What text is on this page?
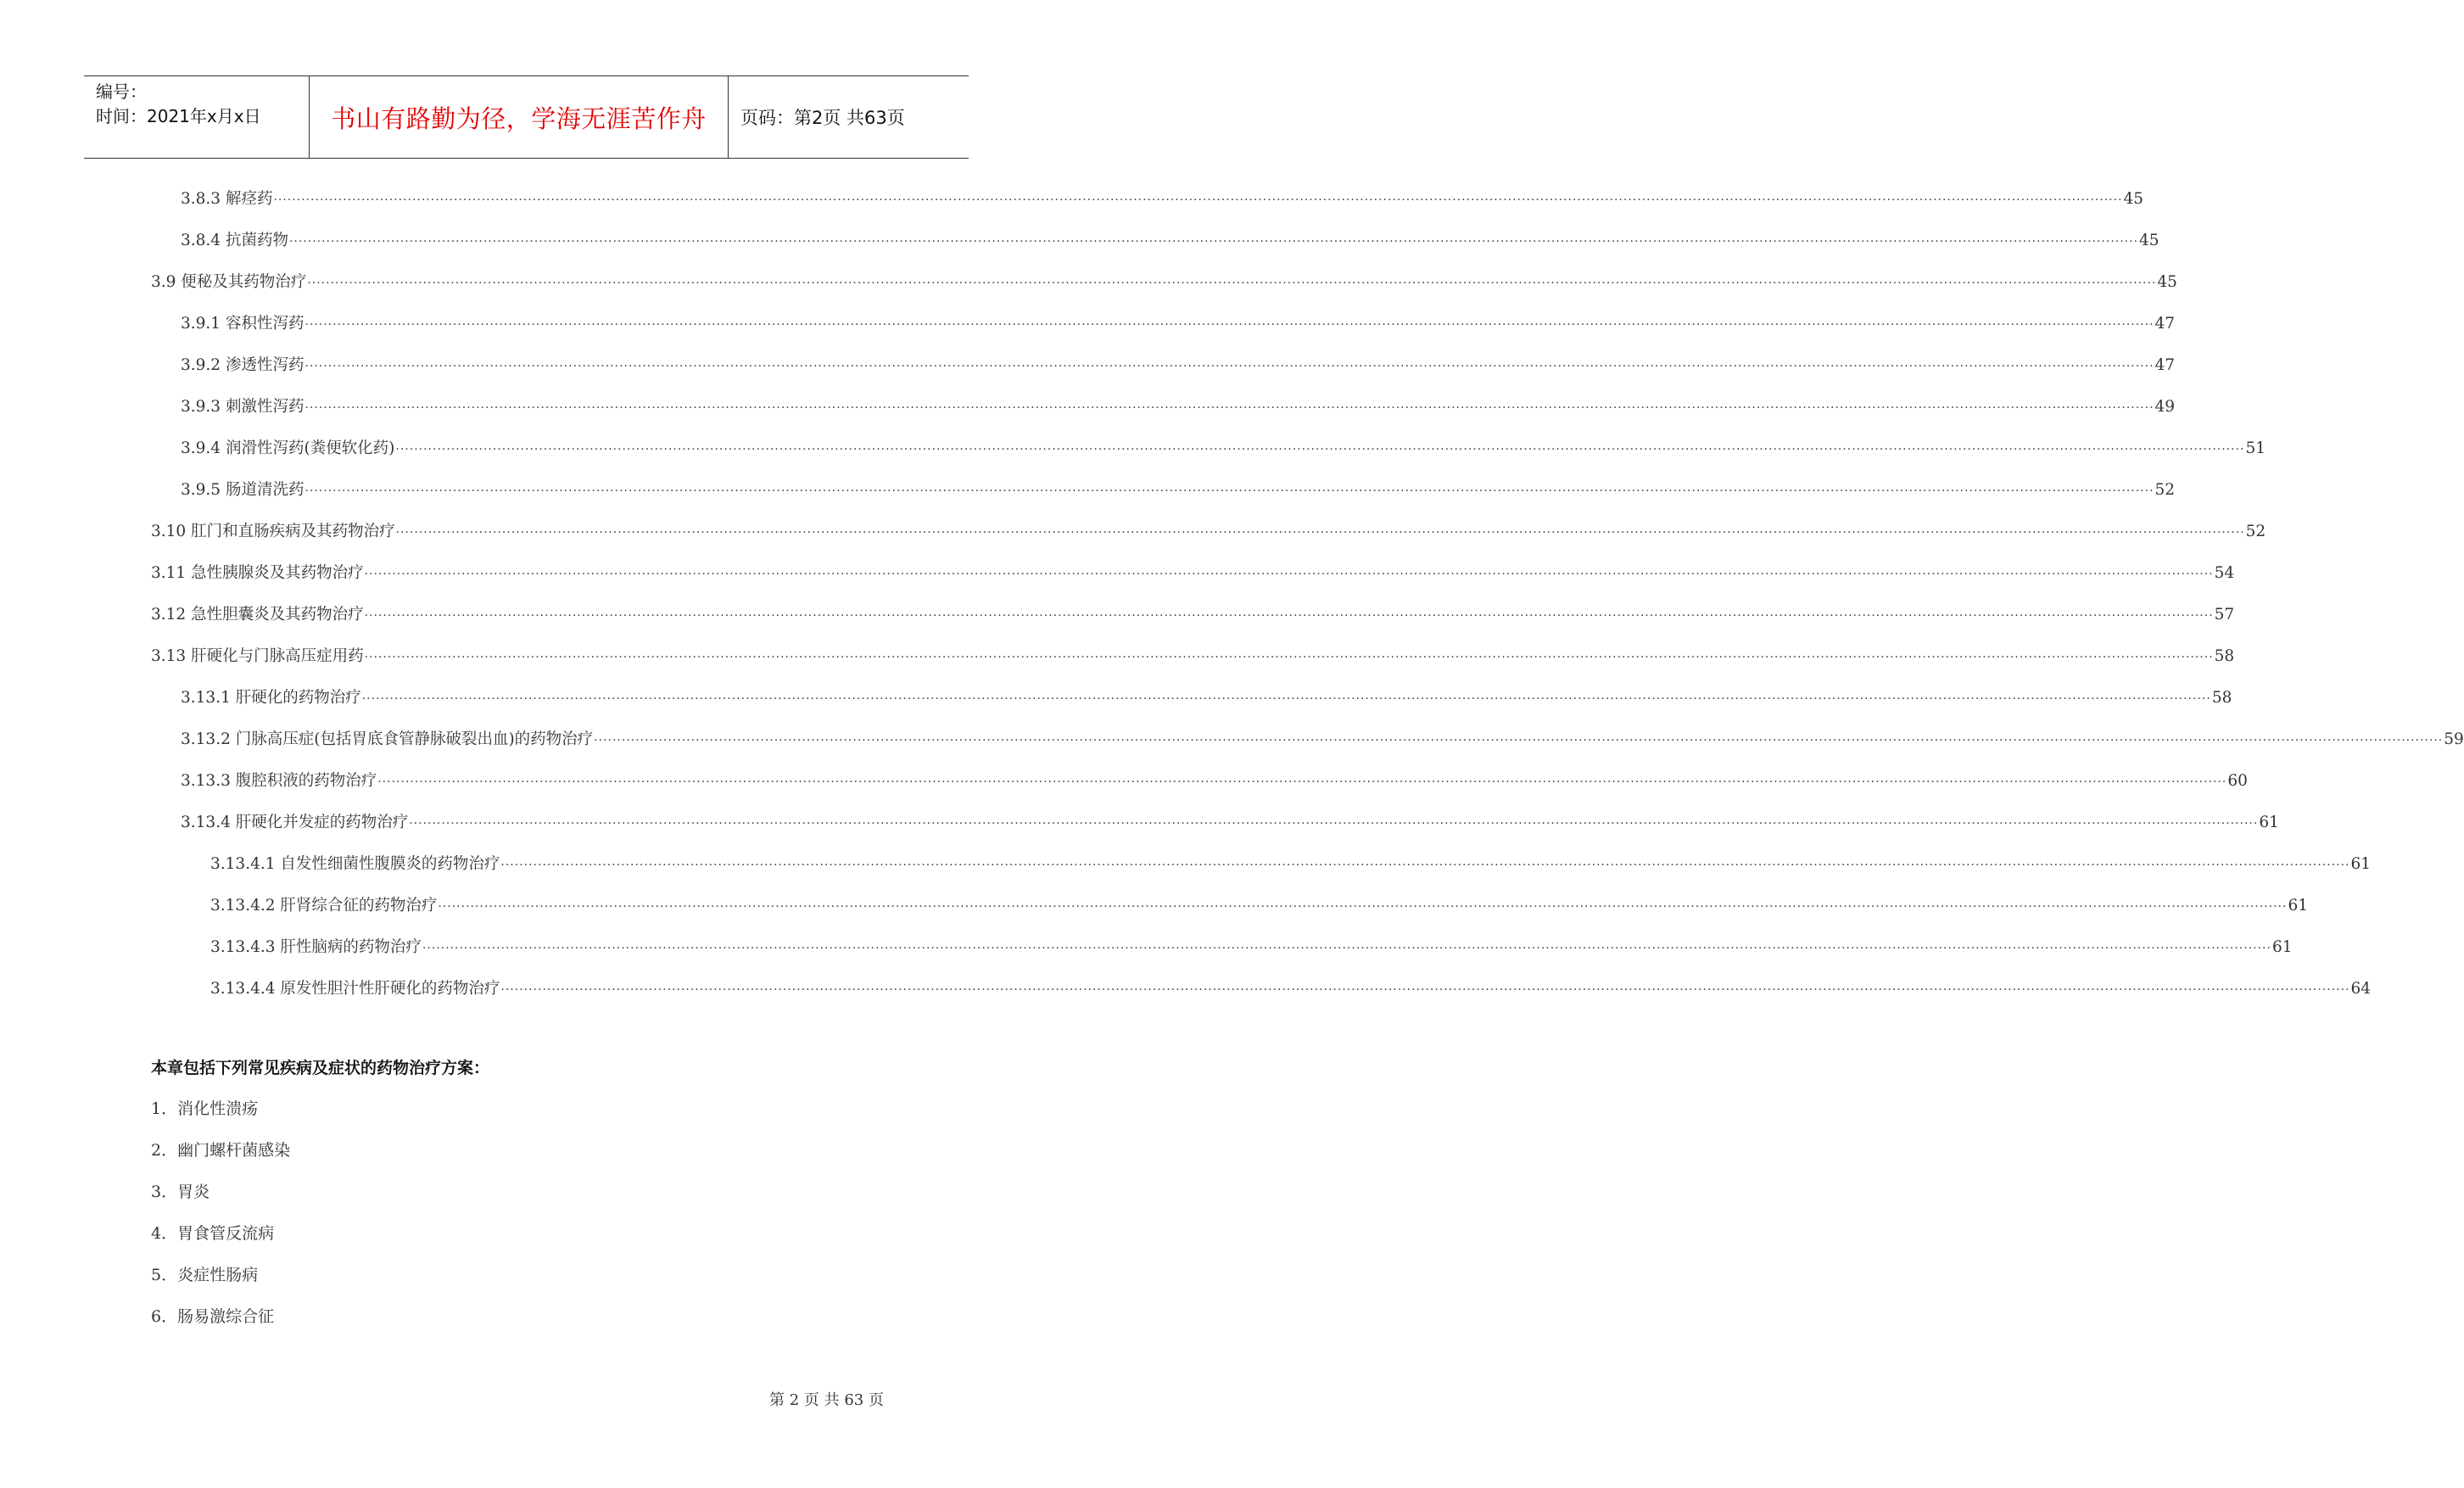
编号：
时间：2021年x月x日	书山有路勤为径，学海无涯苦作舟	页码：第2页 共63页
3.8.3 解痉药 ················································································································································································································································································································································································································ 45
3.8.4 抗菌药物 ················································································································································································································································································································································································································ 45
3.9 便秘及其药物治疗 ················································································································································································································································································································································································································ 45
3.9.1 容积性泻药 ················································································································································································································································································································································································································ 47
3.9.2 渗透性泻药 ················································································································································································································································································································································································································ 47
3.9.3 刺激性泻药 ················································································································································································································································································································································································································ 49
3.9.4 润滑性泻药(粪便软化药) ················································································································································································································································································································································································································ 51
3.9.5 肠道清洗药 ················································································································································································································································································································································································································ 52
3.10 肛门和直肠疾病及其药物治疗 ················································································································································································································································································································································································································ 52
3.11 急性胰腺炎及其药物治疗 ················································································································································································································································································································································································································ 54
3.12 急性胆囊炎及其药物治疗 ················································································································································································································································································································································································································ 57
3.13 肝硬化与门脉高压症用药 ················································································································································································································································································································································································································ 58
3.13.1 肝硬化的药物治疗 ················································································································································································································································································································································································································ 58
3.13.2 门脉高压症(包括胃底食管静脉破裂出血)的药物治疗 ················································································································································································································································································································································································································ 59
3.13.3 腹腔积液的药物治疗 ················································································································································································································································································································································································································ 60
3.13.4 肝硬化并发症的药物治疗 ················································································································································································································································································································································································································ 61
3.13.4.1 自发性细菌性腹膜炎的药物治疗 ················································································································································································································································································································································································································ 61
3.13.4.2 肝肾综合征的药物治疗 ················································································································································································································································································································································································································ 61
3.13.4.3 肝性脑病的药物治疗 ················································································································································································································································································································································································································ 61
3.13.4.4 原发性胆汁性肝硬化的药物治疗 ················································································································································································································································································································································································································ 64
本章包括下列常见疾病及症状的药物治疗方案：
1．消化性溃疡
2．幽门螺杆菌感染
3．胃炎
4．胃食管反流病
5．炎症性肠病
6．肠易激综合征
第 2 页 共 63 页
